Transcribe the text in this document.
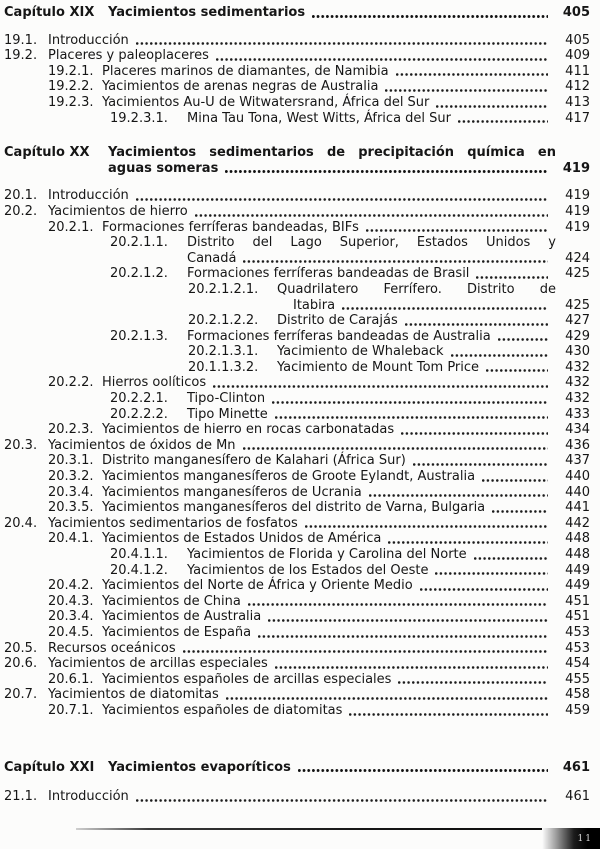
Capítulo XIX	Yacimientos sedimentarios	405
19.1. Introducción	405
19.2. Placeres y paleoplaceres	409
19.2.1. Placeres marinos de diamantes, de Namibia	411
19.2.2. Yacimientos de arenas negras de Australia	412
19.2.3. Yacimientos Au-U de Witwatersrand, África del Sur	413
19.2.3.1.	Mina Tau Tona, West Witts, África del Sur	417
Capítulo XX	Yacimientos sedimentarios de precipitación química en
aguas someras	419
20.1. Introducción	419
20.2. Yacimientos de hierro	419
20.2.1. Formaciones ferríferas bandeadas, BIFs	419
20.2.1.1.	Distrito del Lago Superior, Estados Unidos y
Canadá	424
20.2.1.2.	Formaciones ferríferas bandeadas de Brasil	425
20.2.1.2.1.	Quadrilatero Ferrífero. Distrito de
Itabira	425
20.2.1.2.2.	Distrito de Carajás	427
20.2.1.3.	Formaciones ferríferas bandeadas de Australia	429
20.2.1.3.1.	Yacimiento de Whaleback	430
20.1.1.3.2.	Yacimiento de Mount Tom Price	432
20.2.2. Hierros oolíticos	432
20.2.2.1.	Tipo-Clinton	432
20.2.2.2.	Tipo Minette	433
20.2.3. Yacimientos de hierro en rocas carbonatadas	434
20.3. Yacimientos de óxidos de Mn	436
20.3.1. Distrito manganesífero de Kalahari (África Sur)	437
20.3.2. Yacimientos manganesíferos de Groote Eylandt, Australia	440
20.3.4. Yacimientos manganesíferos de Ucrania	440
20.3.5. Yacimientos manganesíferos del distrito de Varna, Bulgaria	441
20.4. Yacimientos sedimentarios de fosfatos	442
20.4.1. Yacimientos de Estados Unidos de América	448
20.4.1.1.	Yacimientos de Florida y Carolina del Norte	448
20.4.1.2.	Yacimientos de los Estados del Oeste	449
20.4.2. Yacimientos del Norte de África y Oriente Medio	449
20.4.3. Yacimientos de China	451
20.3.4. Yacimientos de Australia	451
20.4.5. Yacimientos de España	453
20.5. Recursos oceánicos	453
20.6. Yacimientos de arcillas especiales	454
20.6.1. Yacimientos españoles de arcillas especiales	455
20.7. Yacimientos de diatomitas	458
20.7.1. Yacimientos españoles de diatomitas	459
Capítulo XXI	Yacimientos evaporíticos	461
21.1. Introducción	461
11
